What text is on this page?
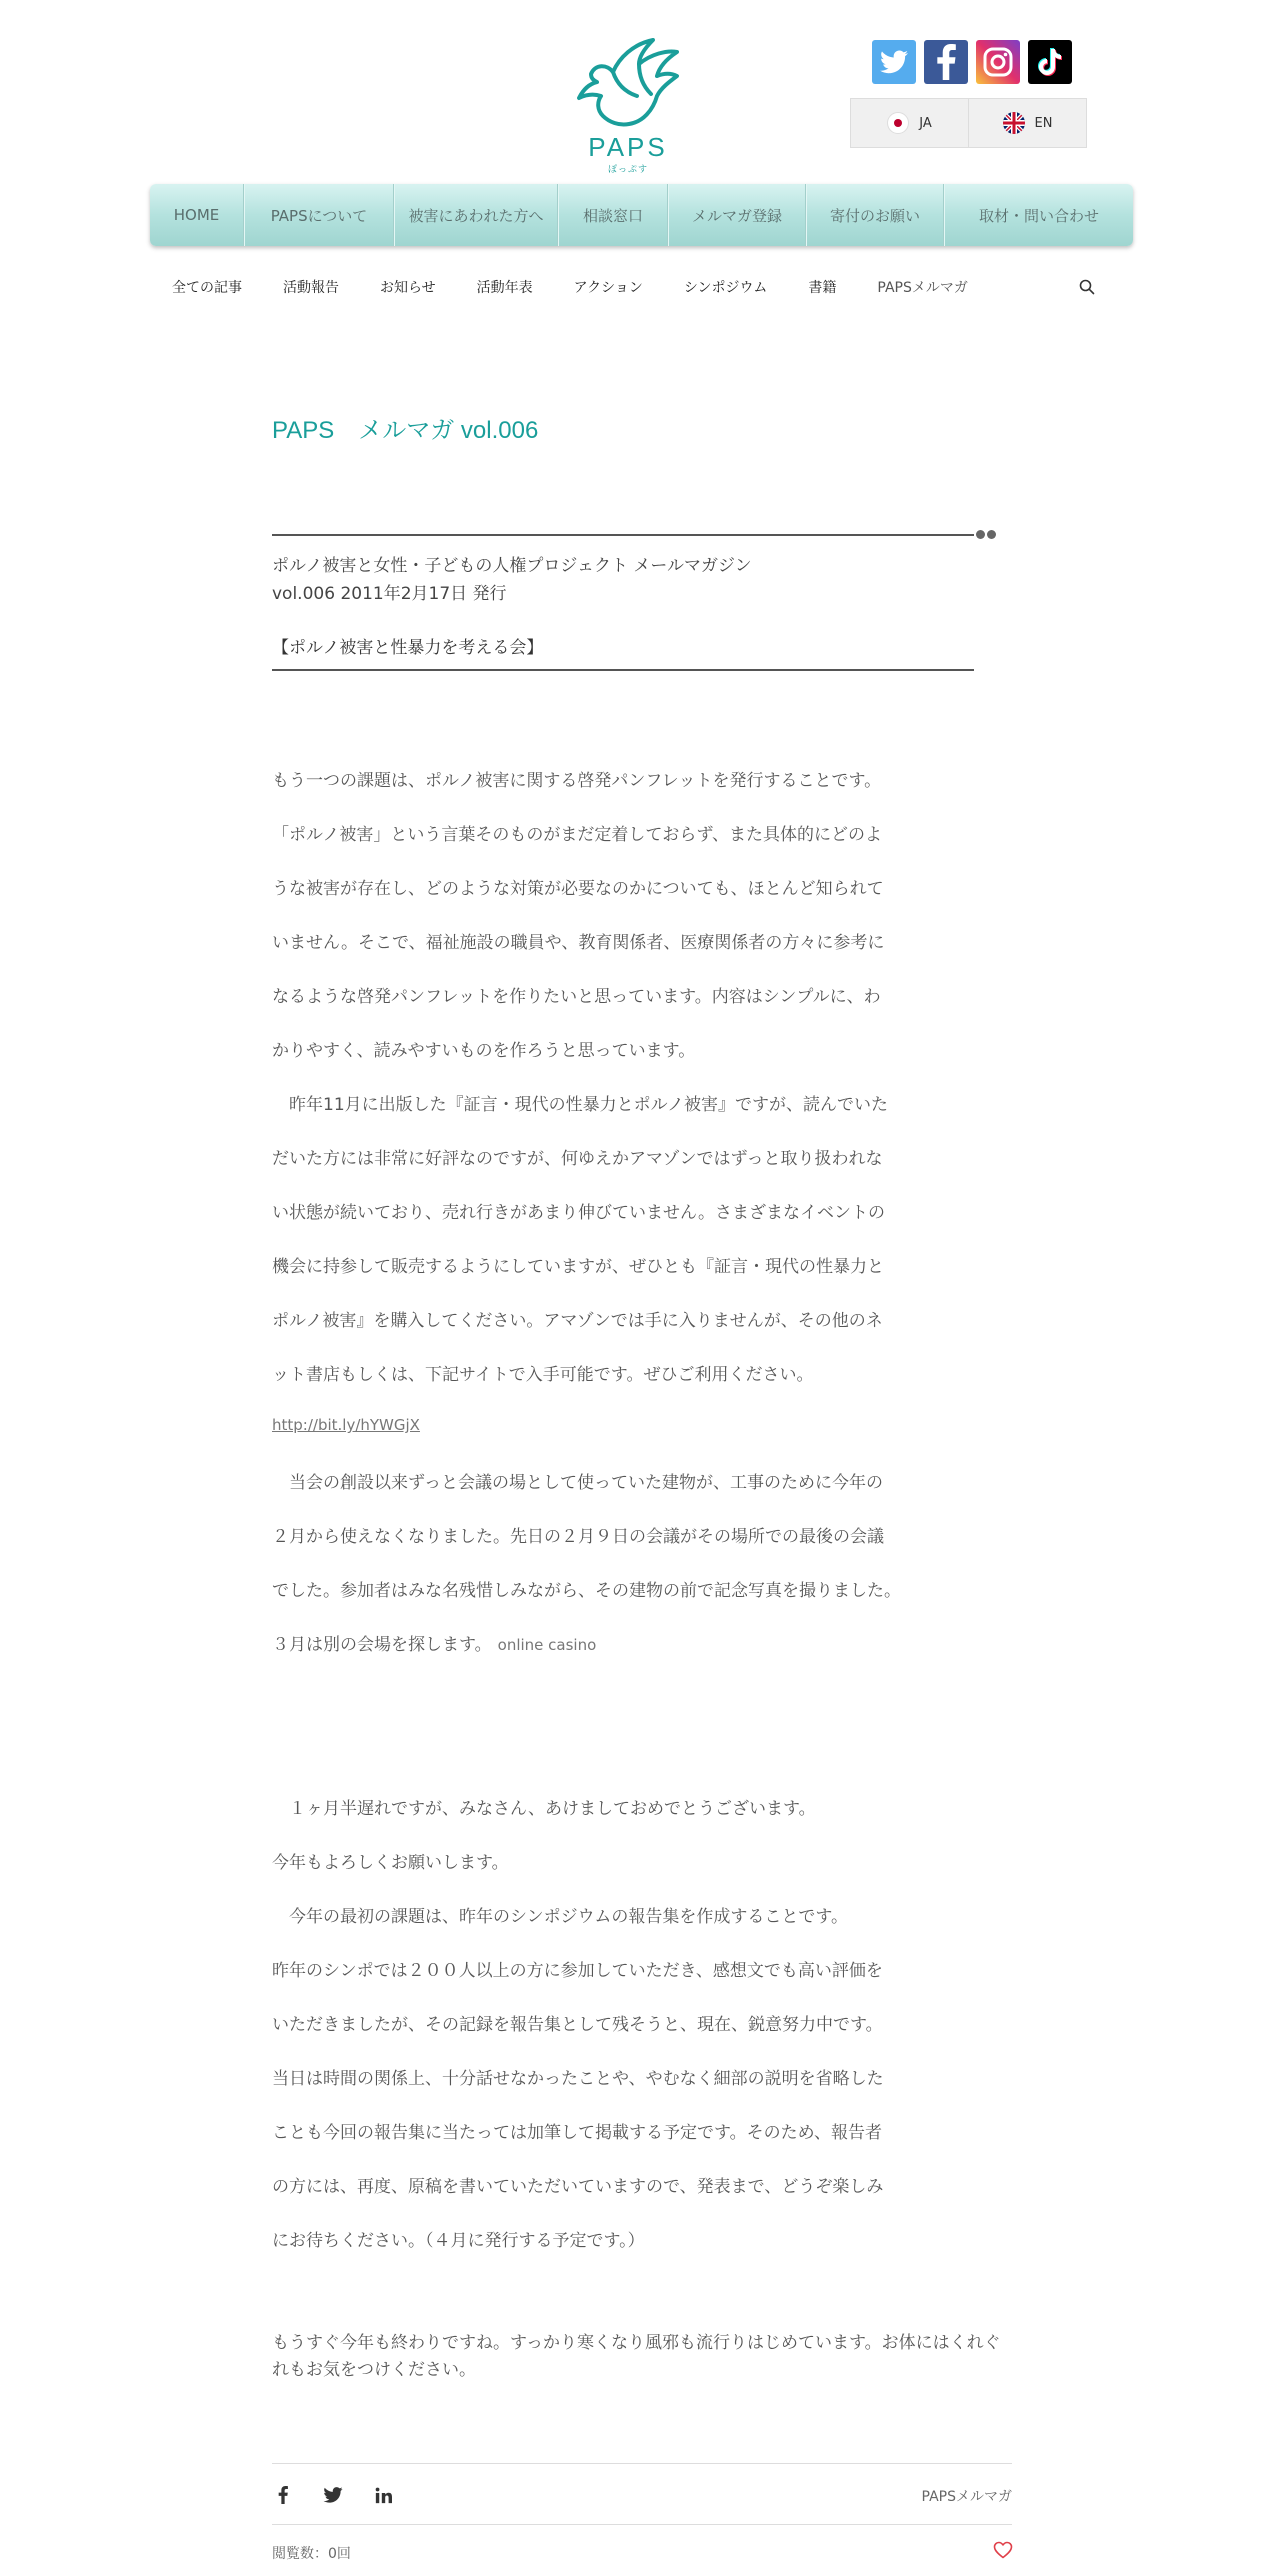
PAPS
ぽっぷす
JA	EN
HOME	PAPSについて	被害にあわれた方へ	相談窓口	メルマガ登録	寄付のお願い	取材・問い合わせ
全ての記事	活動報告	お知らせ	活動年表	アクション	シンポジウム	書籍	PAPSメルマガ
PAPS　メルマガ vol.006
ポルノ被害と女性・子どもの人権プロジェクト メールマガジン
vol.006 2011年2月17日 発行
【ポルノ被害と性暴力を考える会】
もう一つの課題は、ポルノ被害に関する啓発パンフレットを発行することです。
「ポルノ被害」という言葉そのものがまだ定着しておらず、また具体的にどのよ
うな被害が存在し、どのような対策が必要なのかについても、ほとんど知られて
いません。そこで、福祉施設の職員や、教育関係者、医療関係者の方々に参考に
なるような啓発パンフレットを作りたいと思っています。内容はシンプルに、わ
かりやすく、読みやすいものを作ろうと思っています。
　昨年11月に出版した『証言・現代の性暴力とポルノ被害』ですが、読んでいた
だいた方には非常に好評なのですが、何ゆえかアマゾンではずっと取り扱われな
い状態が続いており、売れ行きがあまり伸びていません。さまざまなイベントの
機会に持参して販売するようにしていますが、ぜひとも『証言・現代の性暴力と
ポルノ被害』を購入してください。アマゾンでは手に入りませんが、その他のネ
ット書店もしくは、下記サイトで入手可能です。ぜひご利用ください。
http://bit.ly/hYWGjX
　当会の創設以来ずっと会議の場として使っていた建物が、工事のために今年の
２月から使えなくなりました。先日の２月９日の会議がその場所での最後の会議
でした。参加者はみな名残惜しみながら、その建物の前で記念写真を撮りました。
３月は別の会場を探します。 online casino
　１ヶ月半遅れですが、みなさん、あけましておめでとうございます。
今年もよろしくお願いします。
　今年の最初の課題は、昨年のシンポジウムの報告集を作成することです。
昨年のシンポでは２００人以上の方に参加していただき、感想文でも高い評価を
いただきましたが、その記録を報告集として残そうと、現在、鋭意努力中です。
当日は時間の関係上、十分話せなかったことや、やむなく細部の説明を省略した
ことも今回の報告集に当たっては加筆して掲載する予定です。そのため、報告者
の方には、再度、原稿を書いていただいていますので、発表まで、どうぞ楽しみ
にお待ちください。（４月に発行する予定です。）
もうすぐ今年も終わりですね。すっかり寒くなり風邪も流行りはじめています。お体にはくれぐれもお気をつけください。
PAPSメルマガ
閲覧数：0回
